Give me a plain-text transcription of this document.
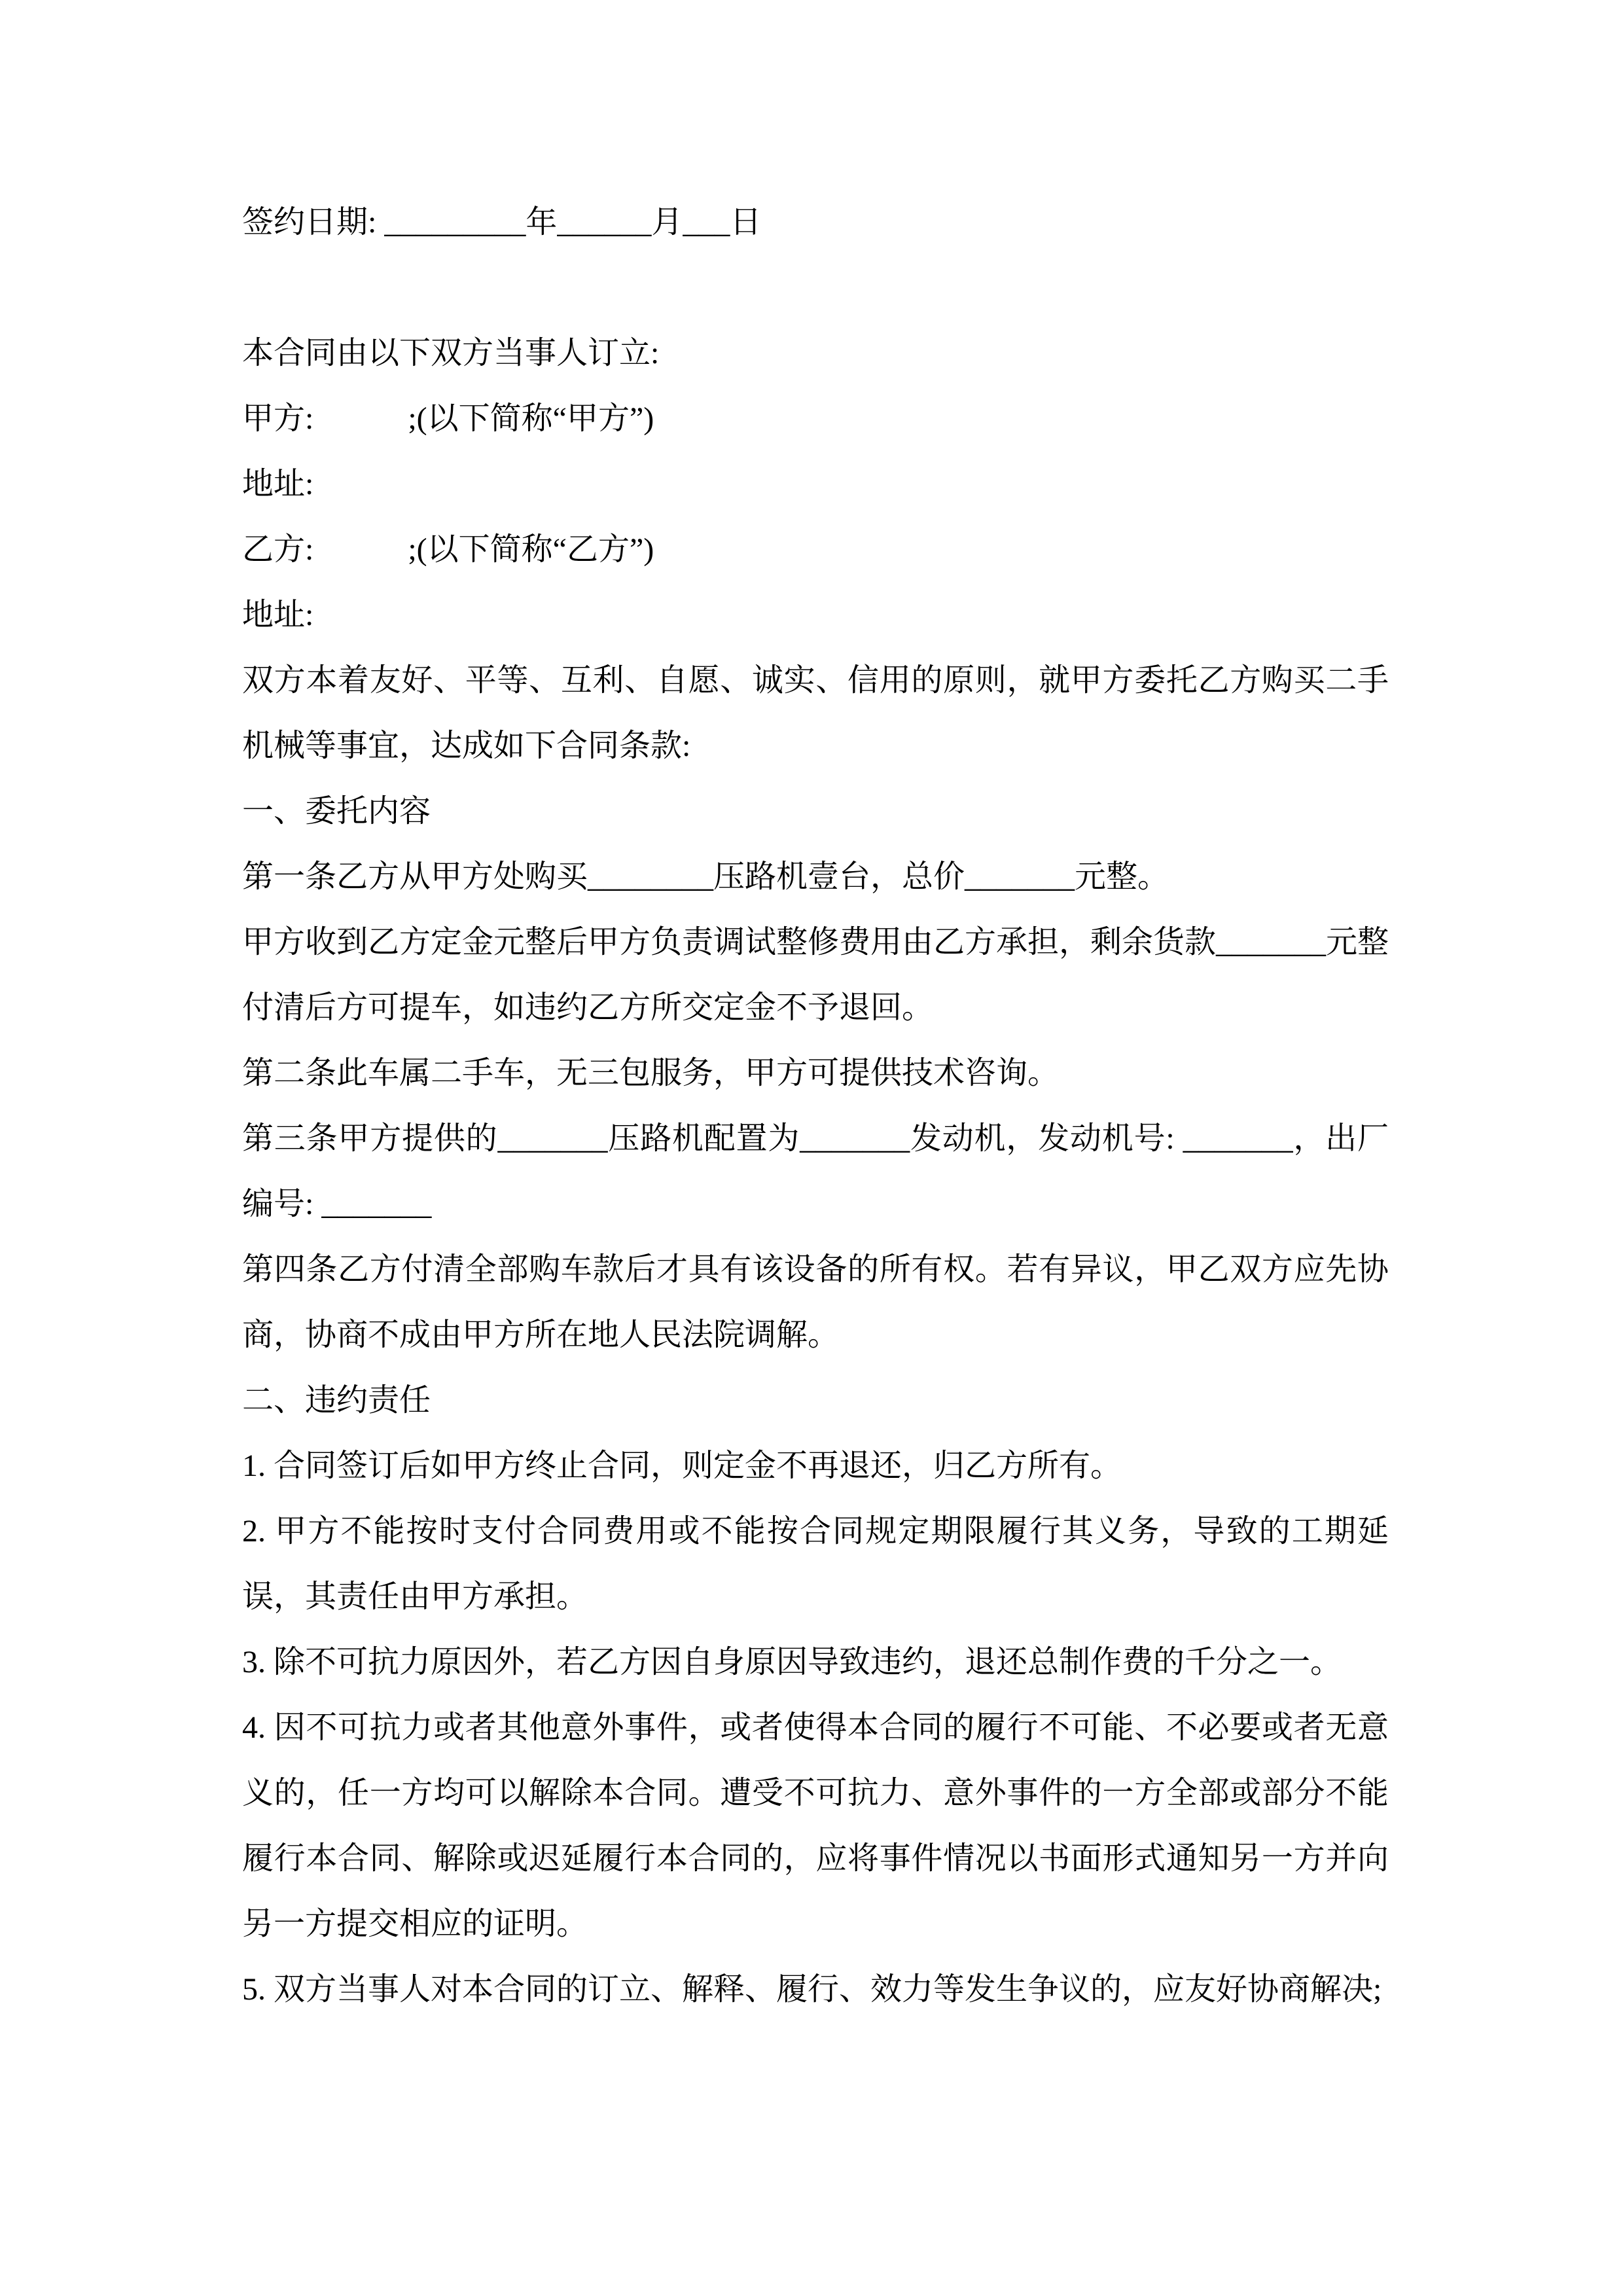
签约日期: _________年______月___日

本合同由以下双方当事人订立:

甲方:　　　;(以下简称“甲方”)

地址:

乙方:　　　;(以下简称“乙方”)

地址:

双方本着友好、平等、互利、自愿、诚实、信用的原则，就甲方委托乙方购买二手机械等事宜，达成如下合同条款:

一、委托内容

第一条乙方从甲方处购买________压路机壹台，总价_______元整。

甲方收到乙方定金元整后甲方负责调试整修费用由乙方承担，剩余货款_______元整付清后方可提车，如违约乙方所交定金不予退回。

第二条此车属二手车，无三包服务，甲方可提供技术咨询。

第三条甲方提供的_______压路机配置为_______发动机，发动机号: _______，出厂编号: _______

第四条乙方付清全部购车款后才具有该设备的所有权。若有异议，甲乙双方应先协商，协商不成由甲方所在地人民法院调解。

二、违约责任

1. 合同签订后如甲方终止合同，则定金不再退还，归乙方所有。

2. 甲方不能按时支付合同费用或不能按合同规定期限履行其义务，导致的工期延误，其责任由甲方承担。

3. 除不可抗力原因外，若乙方因自身原因导致违约，退还总制作费的千分之一。

4. 因不可抗力或者其他意外事件，或者使得本合同的履行不可能、不必要或者无意义的，任一方均可以解除本合同。遭受不可抗力、意外事件的一方全部或部分不能履行本合同、解除或迟延履行本合同的，应将事件情况以书面形式通知另一方并向另一方提交相应的证明。

5. 双方当事人对本合同的订立、解释、履行、效力等发生争议的，应友好协商解决;
